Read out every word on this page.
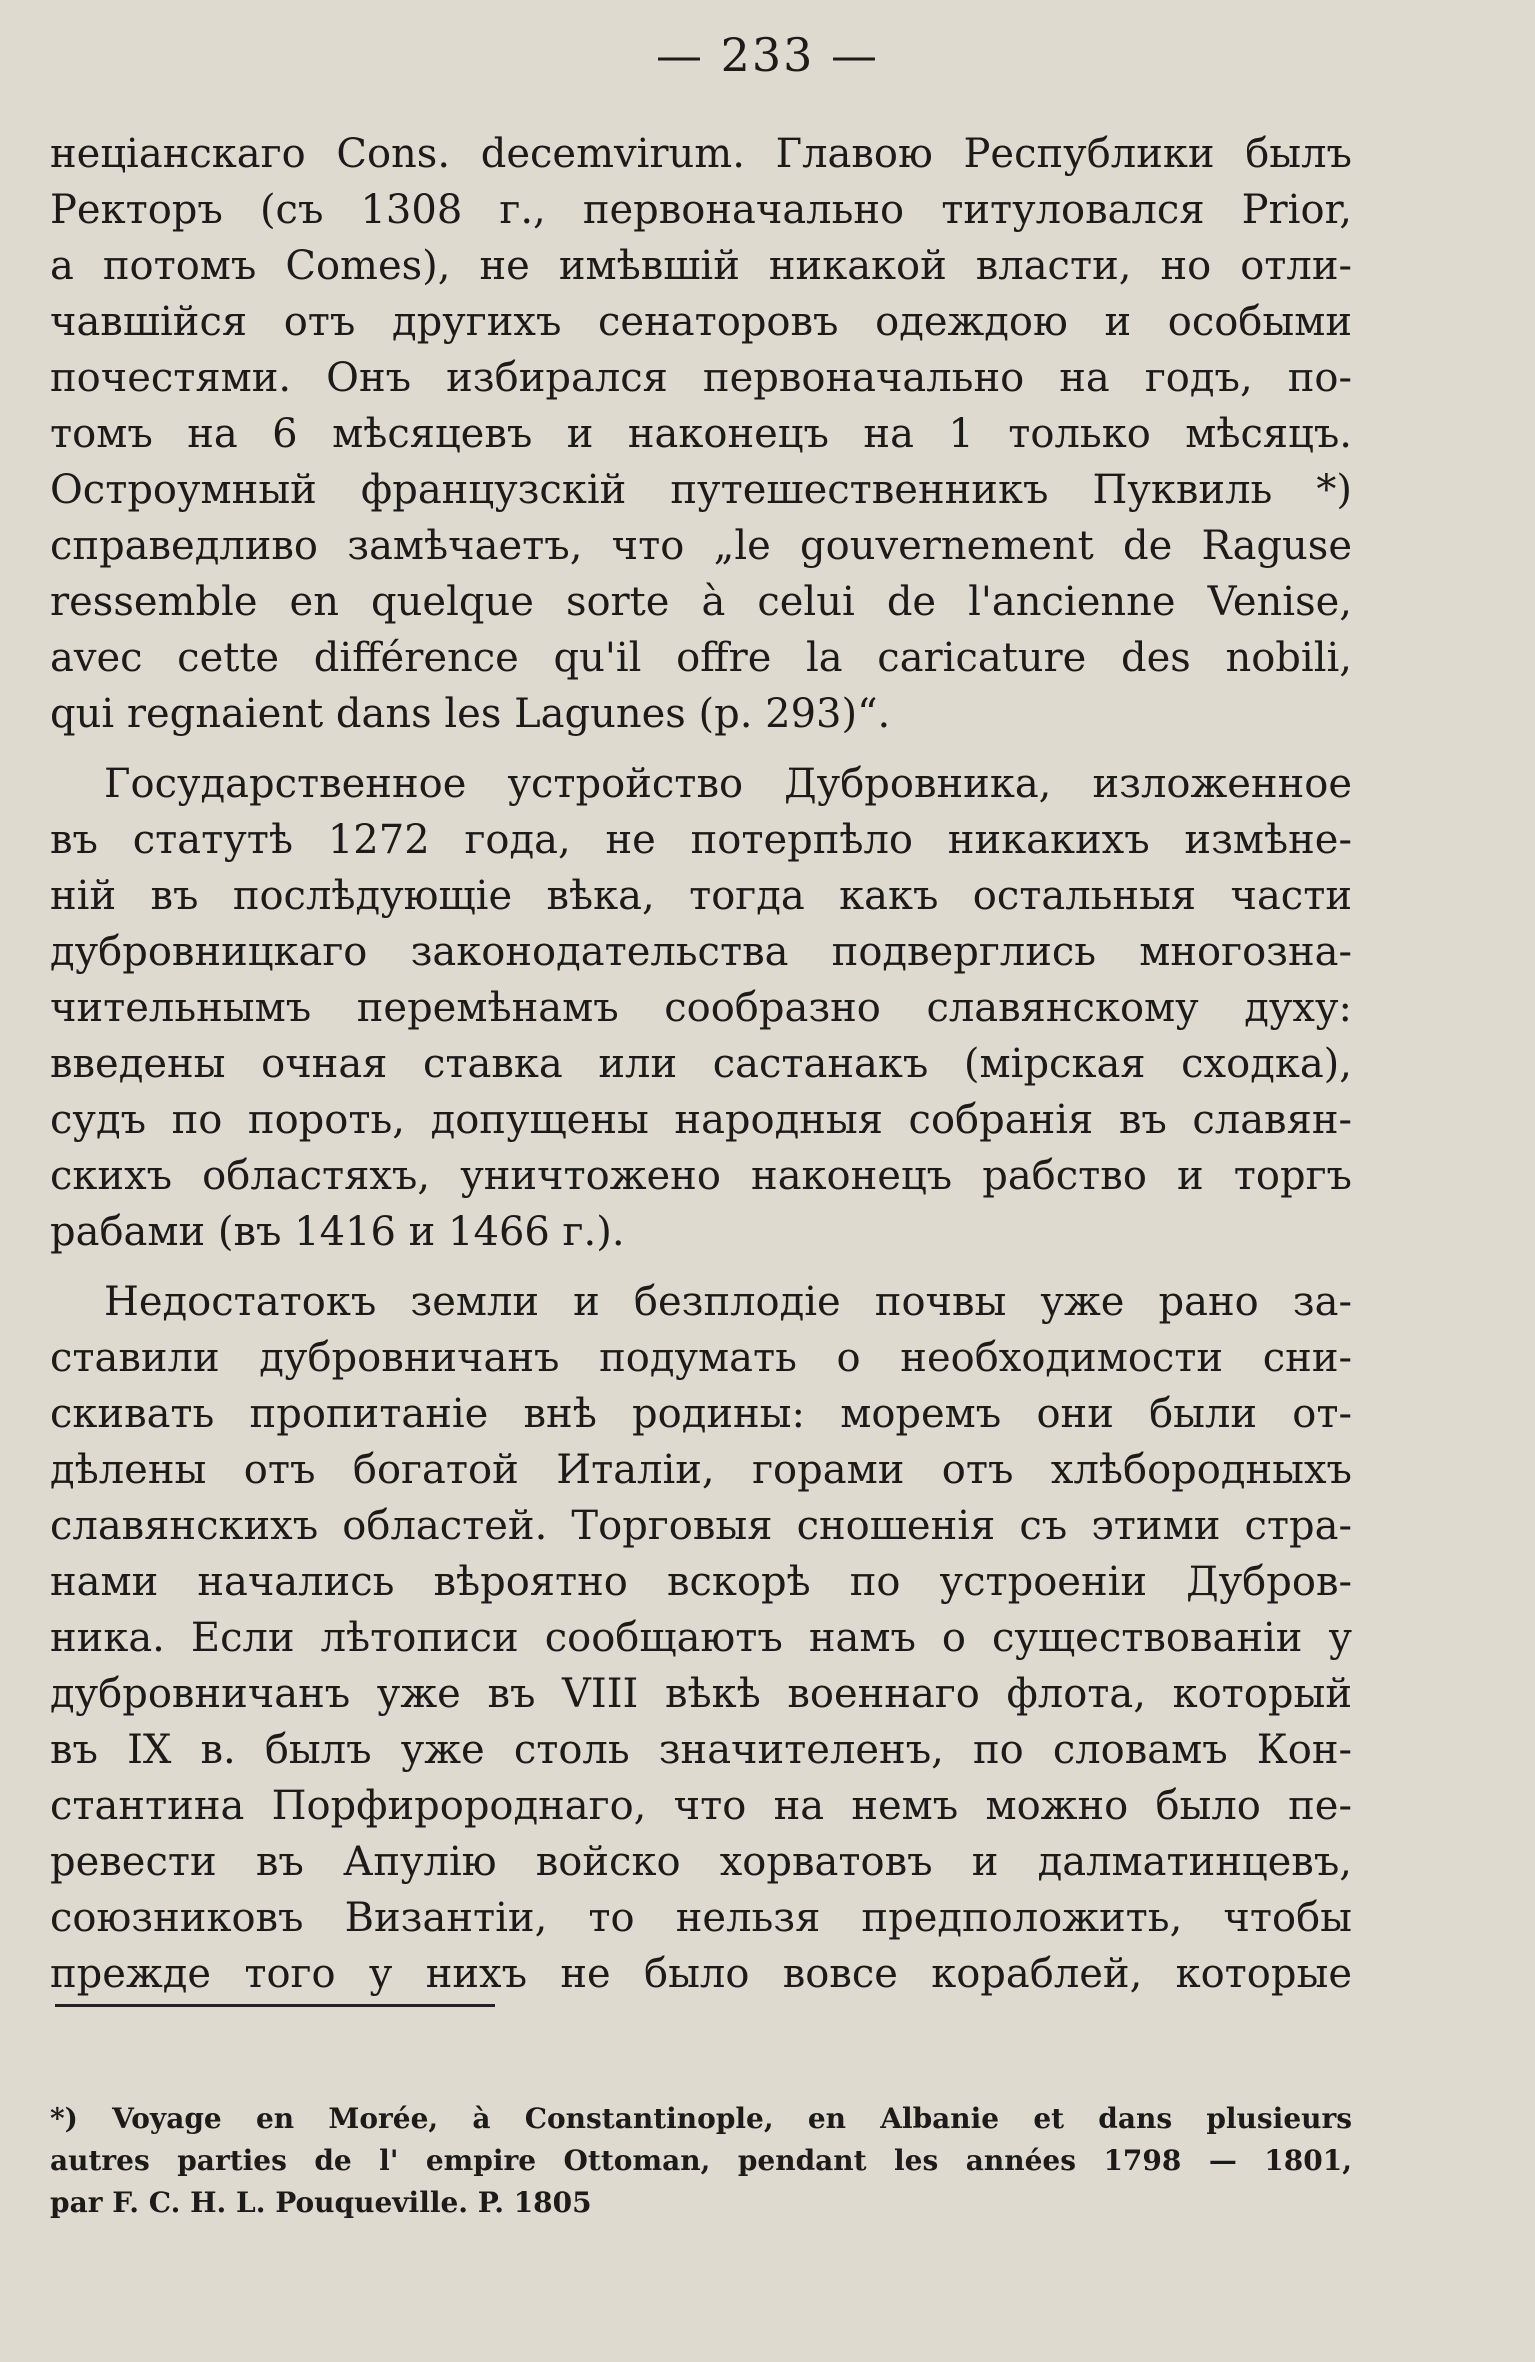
— 233 —
нецiанскаго Cons. decemvirum. Главою Республики былъ
Ректоръ (съ 1308 г., первоначально титуловался Prior,
а потомъ Comes), не имѣвшiй никакой власти, но отли-
чавшiйся отъ другихъ сенаторовъ одеждою и особыми
почестями. Онъ избирался первоначально на годъ, по-
томъ на 6 мѣсяцевъ и наконецъ на 1 только мѣсяцъ.
Остроумный французскiй путешественникъ Пуквиль *)
справедливо замѣчаетъ, что „le gouvernement de Raguse
ressemble en quelque sorte à celui de l'ancienne Venise,
avec cette différence qu'il offre la caricature des nobili,
qui regnaient dans les Lagunes (p. 293)“.
Государственное устройство Дубровника, изложенное
въ статутѣ 1272 года, не потерпѣло никакихъ измѣне-
нiй въ послѣдующiе вѣка, тогда какъ остальныя части
дубровницкаго законодательства подверглись многозна-
чительнымъ перемѣнамъ сообразно славянскому духу:
введены очная ставка или састанакъ (мiрская сходка),
судъ по пороть, допущены народныя собранiя въ славян-
скихъ областяхъ, уничтожено наконецъ рабство и торгъ
рабами (въ 1416 и 1466 г.).
Недостатокъ земли и безплодiе почвы уже рано за-
ставили дубровничанъ подумать о необходимости сни-
скивать пропитанiе внѣ родины: моремъ они были от-
дѣлены отъ богатой Италiи, горами отъ хлѣбородныхъ
славянскихъ областей. Торговыя сношенiя съ этими стра-
нами начались вѣроятно вскорѣ по устроенiи Дубров-
ника. Если лѣтописи сообщаютъ намъ о существованiи у
дубровничанъ уже въ VIII вѣкѣ военнаго флота, который
въ IX в. былъ уже столь значителенъ, по словамъ Кон-
стантина Порфиророднаго, что на немъ можно было пе-
ревести въ Апулiю войско хорватовъ и далматинцевъ,
союзниковъ Византiи, то нельзя предположить, чтобы
прежде того у нихъ не было вовсе кораблей, которые
*) Voyage en Morée, à Constantinople, en Albanie et dans plusieurs
autres parties de l' empire Ottoman, pendant les années 1798 — 1801,
par F. C. H. L. Pouqueville. P. 1805
